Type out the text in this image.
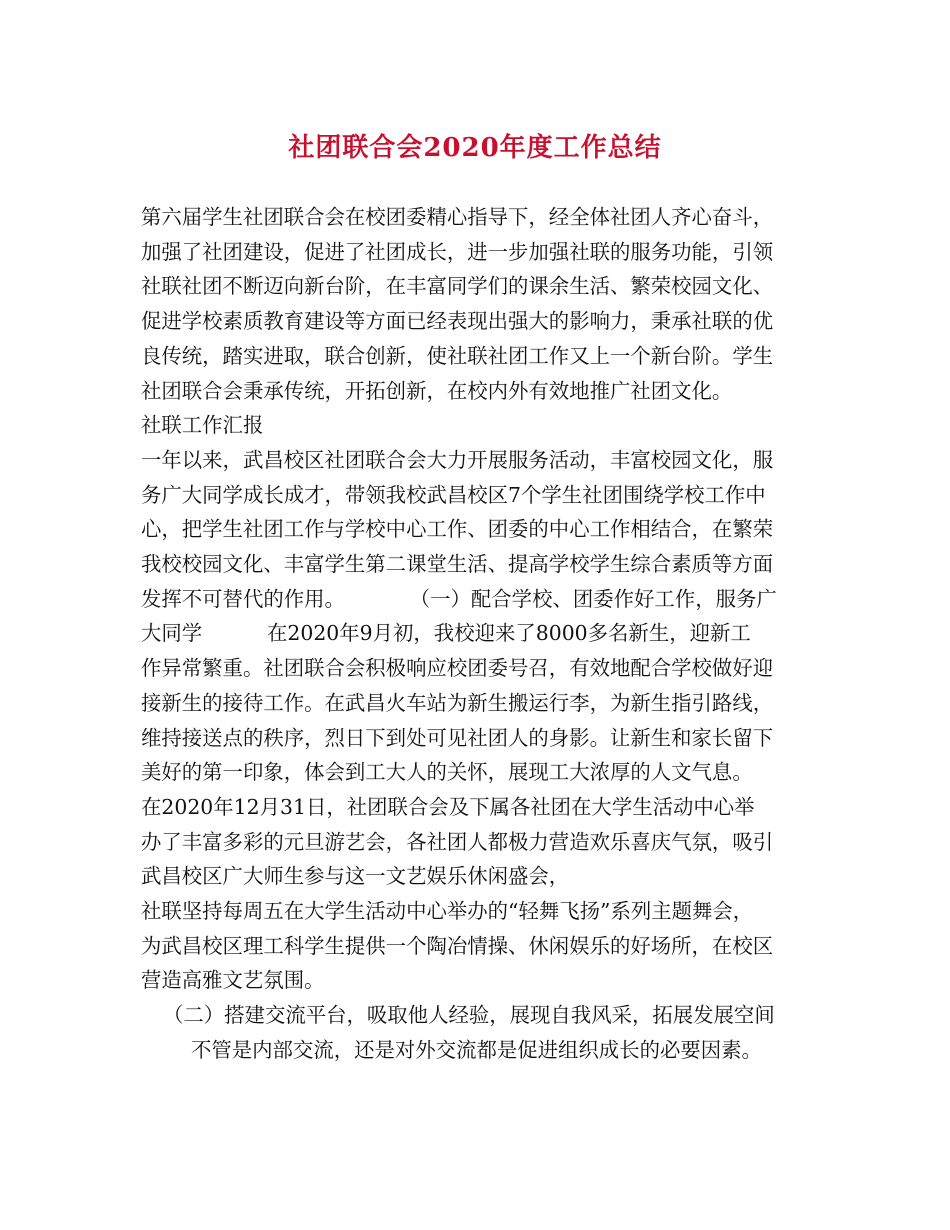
社团联合会2020年度工作总结
第六届学生社团联合会在校团委精心指导下，经全体社团人齐心奋斗，
加强了社团建设，促进了社团成长，进一步加强社联的服务功能，引领
社联社团不断迈向新台阶，在丰富同学们的课余生活、繁荣校园文化、
促进学校素质教育建设等方面已经表现出强大的影响力，秉承社联的优
良传统，踏实进取，联合创新，使社联社团工作又上一个新台阶。学生
社团联合会秉承传统，开拓创新，在校内外有效地推广社团文化。
社联工作汇报
一年以来，武昌校区社团联合会大力开展服务活动，丰富校园文化，服
务广大同学成长成才，带领我校武昌校区7个学生社团围绕学校工作中
心，把学生社团工作与学校中心工作、团委的中心工作相结合，在繁荣
我校校园文化、丰富学生第二课堂生活、提高学校学生综合素质等方面
发挥不可替代的作用。          （一）配合学校、团委作好工作，服务广
大同学          在2020年9月初，我校迎来了8000多名新生，迎新工
作异常繁重。社团联合会积极响应校团委号召，有效地配合学校做好迎
接新生的接待工作。在武昌火车站为新生搬运行李，为新生指引路线，
维持接送点的秩序，烈日下到处可见社团人的身影。让新生和家长留下
美好的第一印象，体会到工大人的关怀，展现工大浓厚的人文气息。
在2020年12月31日，社团联合会及下属各社团在大学生活动中心举
办了丰富多彩的元旦游艺会，各社团人都极力营造欢乐喜庆气氛，吸引
武昌校区广大师生参与这一文艺娱乐休闲盛会，
社联坚持每周五在大学生活动中心举办的“轻舞飞扬”系列主题舞会，
为武昌校区理工科学生提供一个陶冶情操、休闲娱乐的好场所，在校区
营造高雅文艺氛围。
（二）搭建交流平台，吸取他人经验，展现自我风采，拓展发展空间
不管是内部交流，还是对外交流都是促进组织成长的必要因素。
